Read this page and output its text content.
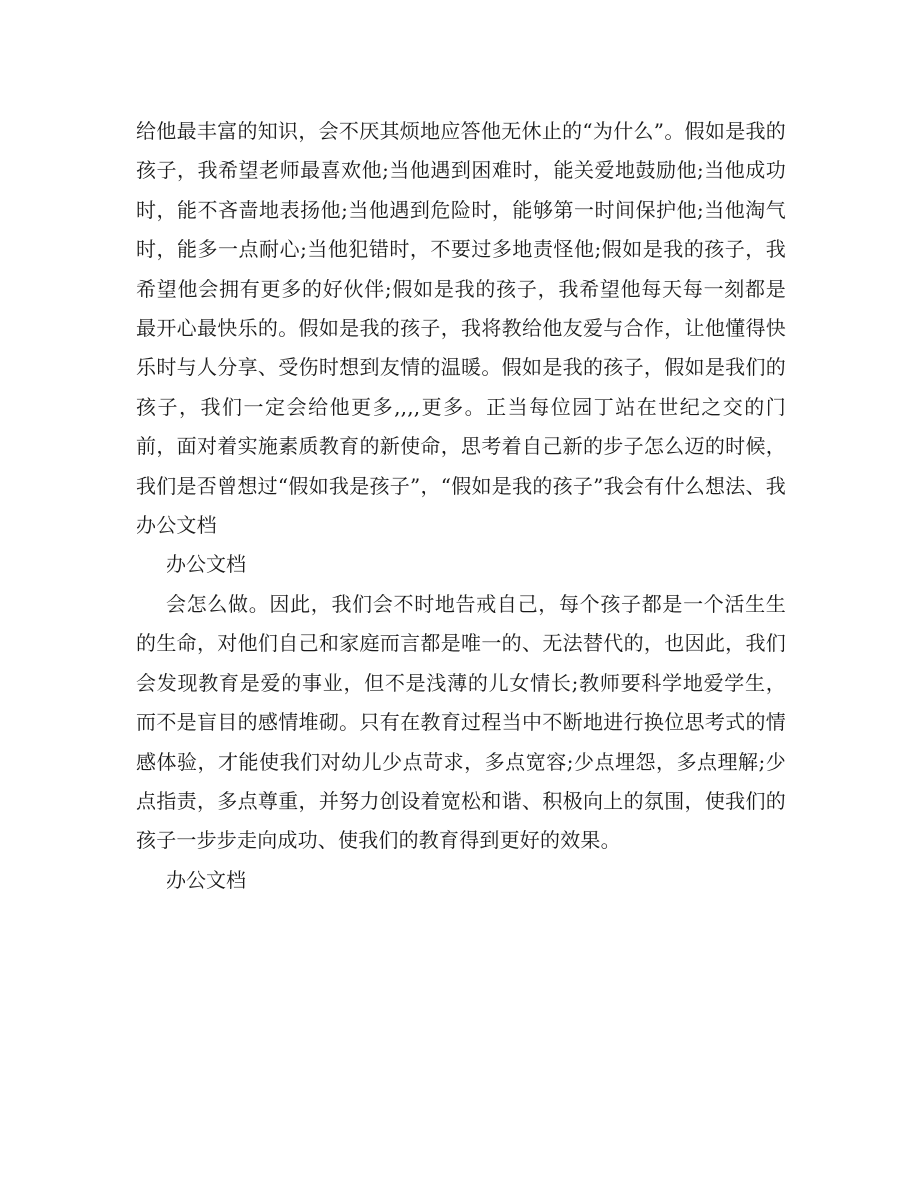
给他最丰富的知识，会不厌其烦地应答他无休止的“为什么”。假如是我的孩子，我希望老师最喜欢他;当他遇到困难时，能关爱地鼓励他;当他成功时，能不吝啬地表扬他;当他遇到危险时，能够第一时间保护他;当他淘气时，能多一点耐心;当他犯错时，不要过多地责怪他;假如是我的孩子，我希望他会拥有更多的好伙伴;假如是我的孩子，我希望他每天每一刻都是最开心最快乐的。假如是我的孩子，我将教给他友爱与合作，让他懂得快乐时与人分享、受伤时想到友情的温暖。假如是我的孩子，假如是我们的孩子，我们一定会给他更多,,,,更多。正当每位园丁站在世纪之交的门前，面对着实施素质教育的新使命，思考着自己新的步子怎么迈的时候，我们是否曾想过“假如我是孩子”，“假如是我的孩子”我会有什么想法、我办公文档

办公文档

会怎么做。因此，我们会不时地告戒自己，每个孩子都是一个活生生的生命，对他们自己和家庭而言都是唯一的、无法替代的，也因此，我们会发现教育是爱的事业，但不是浅薄的儿女情长;教师要科学地爱学生，而不是盲目的感情堆砌。只有在教育过程当中不断地进行换位思考式的情感体验，才能使我们对幼儿少点苛求，多点宽容;少点埋怨，多点理解;少点指责，多点尊重，并努力创设着宽松和谐、积极向上的氛围，使我们的孩子一步步走向成功、使我们的教育得到更好的效果。

办公文档
